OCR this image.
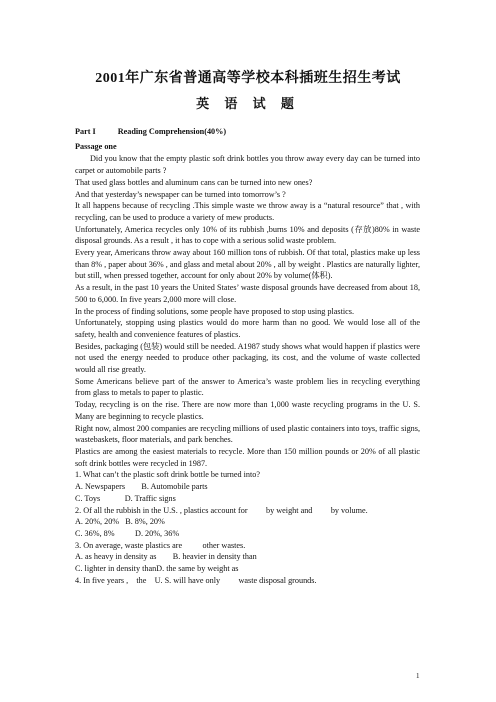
2001年广东省普通高等学校本科插班生招生考试
英 语 试 题
Part I	Reading Comprehension(40%)
Passage one

Did you know that the empty plastic soft drink bottles you throw away every day can be turned into carpet or automobile parts ?

That used glass bottles and aluminum cans can be turned into new ones?

And that yesterday’s newspaper can be turned into tomorrow’s ?

It all happens because of recycling .This simple waste we throw away is a “natural resource” that , with recycling, can be used to produce a variety of mew products.

Unfortunately, America recycles only 10% of its rubbish ,burns 10% and deposits (存放)80% in waste disposal grounds. As a result , it has to cope with a serious solid waste problem.

Every year, Americans throw away about 160 million tons of rubbish. Of that total, plastics make up less than 8% , paper about 36% , and glass and metal about 20% , all by weight . Plastics are naturally lighter, but still, when pressed together, account for only about 20% by volume(体积).

As a result, in the past 10 years the United States’ waste disposal grounds have decreased from about 18, 500 to 6,000. In five years 2,000 more will close.

In the process of finding solutions, some people have proposed to stop using plastics.

Unfortunately, stopping using plastics would do more harm than no good. We would lose all of the safety, health and convenience features of plastics.

Besides, packaging (包装) would still be needed. A1987 study shows what would happen if plastics were not used the energy needed to produce other packaging, its cost, and the volume of waste collected would all rise greatly.

Some Americans believe part of the answer to America’s waste problem lies in recycling everything from glass to metals to paper to plastic.

Today, recycling is on the rise. There are now more than 1,000 waste recycling programs in the U. S. Many are beginning to recycle plastics.

Right now, almost 200 companies are recycling millions of used plastic containers into toys, traffic signs, wastebaskets, floor materials, and park benches.

Plastics are among the easiest materials to recycle. More than 150 million pounds or 20% of all plastic soft drink bottles were recycled in 1987.

1. What can’t the plastic soft drink bottle be turned into?

A. Newspapers        B. Automobile parts

C. Toys            D. Traffic signs

2. Of all the rubbish in the U.S. , plastics account for         by weight and         by volume.

A. 20%, 20%   B. 8%, 20%

C. 36%, 8%          D. 20%, 36%

3. On average, waste plastics are          other wastes.

A. as heavy in density as        B. heavier in density than

C. lighter in density thanD. the same by weight as

4. In five years ,    the    U. S. will have only         waste disposal grounds.

1
